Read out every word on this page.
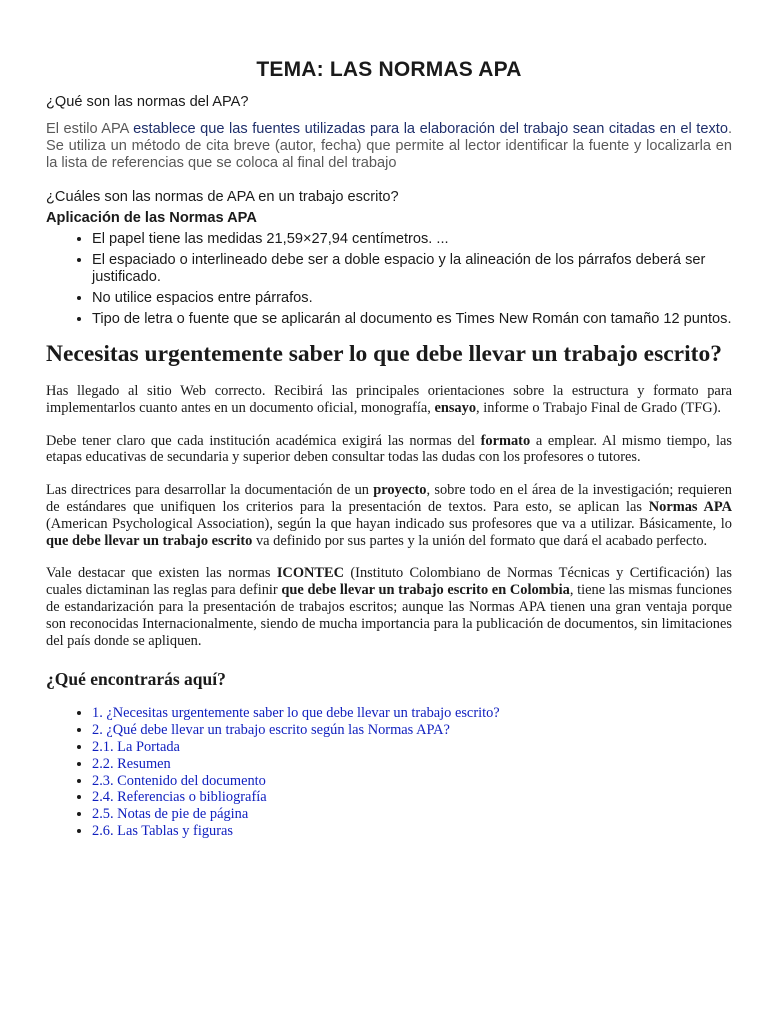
TEMA: LAS NORMAS APA

¿Qué son las normas del APA?

El estilo APA establece que las fuentes utilizadas para la elaboración del trabajo sean citadas en el texto. Se utiliza un método de cita breve (autor, fecha) que permite al lector identificar la fuente y localizarla en la lista de referencias que se coloca al final del trabajo

¿Cuáles son las normas de APA en un trabajo escrito?

Aplicación de las Normas APA

• El papel tiene las medidas 21,59×27,94 centímetros. ...
• El espaciado o interlineado debe ser a doble espacio y la alineación de los párrafos deberá ser justificado.
• No utilice espacios entre párrafos.
• Tipo de letra o fuente que se aplicarán al documento es Times New Román con tamaño 12 puntos.
Necesitas urgentemente saber lo que debe llevar un trabajo escrito?

Has llegado al sitio Web correcto. Recibirá las principales orientaciones sobre la estructura y formato para implementarlos cuanto antes en un documento oficial, monografía, ensayo, informe o Trabajo Final de Grado (TFG).

Debe tener claro que cada institución académica exigirá las normas del formato a emplear. Al mismo tiempo, las etapas educativas de secundaria y superior deben consultar todas las dudas con los profesores o tutores.

Las directrices para desarrollar la documentación de un proyecto, sobre todo en el área de la investigación; requieren de estándares que unifiquen los criterios para la presentación de textos. Para esto, se aplican las Normas APA (American Psychological Association), según la que hayan indicado sus profesores que va a utilizar. Básicamente, lo que debe llevar un trabajo escrito va definido por sus partes y la unión del formato que dará el acabado perfecto.

Vale destacar que existen las normas ICONTEC (Instituto Colombiano de Normas Técnicas y Certificación) las cuales dictaminan las reglas para definir que debe llevar un trabajo escrito en Colombia, tiene las mismas funciones de estandarización para la presentación de trabajos escritos; aunque las Normas APA tienen una gran ventaja porque son reconocidas Internacionalmente, siendo de mucha importancia para la publicación de documentos, sin limitaciones del país donde se apliquen.

¿Qué encontrarás aquí?
• 1. ¿Necesitas urgentemente saber lo que debe llevar un trabajo escrito?
• 2. ¿Qué debe llevar un trabajo escrito según las Normas APA?
• 2.1. La Portada
• 2.2. Resumen
• 2.3. Contenido del documento
• 2.4. Referencias o bibliografía
• 2.5. Notas de pie de página
• 2.6. Las Tablas y figuras
